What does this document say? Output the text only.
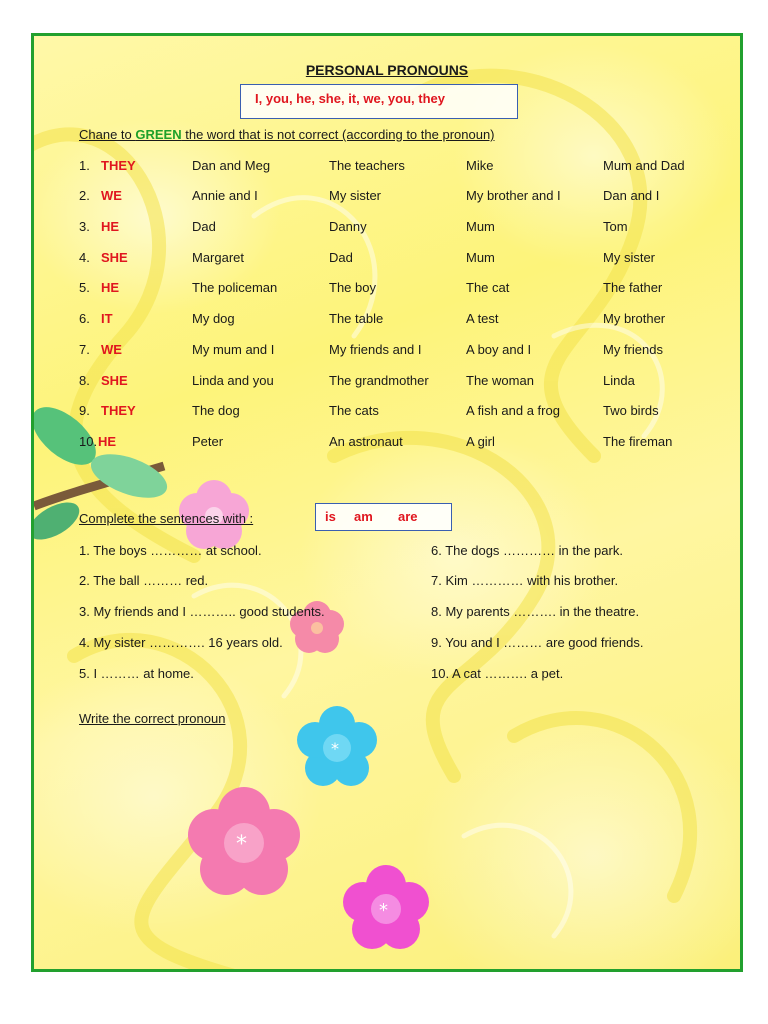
*
*
*
PERSONAL PRONOUNS
I, you, he, she, it, we, you, they
Chane to GREEN the word that is not correct (according to the pronoun)
1. THEY	Dan and Meg	The teachers	Mike	Mum and Dad
2. WE	Annie and I	My sister	My brother and I	Dan and I
3. HE	Dad	Danny	Mum	Tom
4. SHE	Margaret	Dad	Mum	My sister
5. HE	The policeman	The boy	The cat	The father
6. IT	My dog	The table	A test	My brother
7. WE	My mum and I	My friends and I	A boy and I	My friends
8. SHE	Linda and you	The grandmother	The woman	Linda
9. THEY	The dog	The cats	A fish and a frog	Two birds
10. HE	Peter	An astronaut	A girl	The fireman
Complete the sentences with :	is am are
1. The boys ………… at school.
2. The ball ……… red.
3. My friends and I ……….. good students.
4. My sister …………. 16 years old.
5. I ……… at home.
6. The dogs ………… in the park.
7. Kim ………… with his brother.
8. My parents ………. in the theatre.
9. You and I ……… are good friends.
10. A cat ………. a pet.
Write the correct pronoun
